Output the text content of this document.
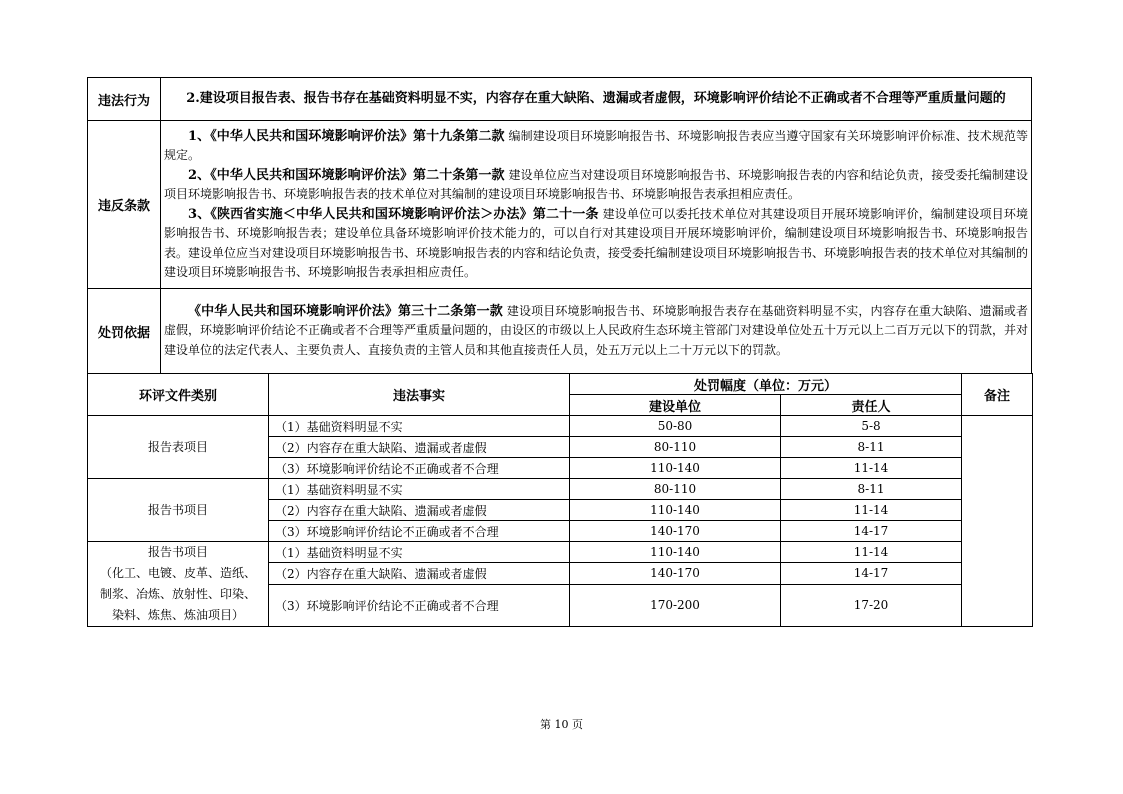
违法行为	2.建设项目报告表、报告书存在基础资料明显不实，内容存在重大缺陷、遗漏或者虚假，环境影响评价结论不正确或者不合理等严重质量问题的
违反条款	1、《中华人民共和国环境影响评价法》第十九条第二款 编制建设项目环境影响报告书、环境影响报告表应当遵守国家有关环境影响评价标准、技术规范等规定。

2、《中华人民共和国环境影响评价法》第二十条第一款 建设单位应当对建设项目环境影响报告书、环境影响报告表的内容和结论负责，接受委托编制建设项目环境影响报告书、环境影响报告表的技术单位对其编制的建设项目环境影响报告书、环境影响报告表承担相应责任。

3、《陕西省实施＜中华人民共和国环境影响评价法＞办法》第二十一条 建设单位可以委托技术单位对其建设项目开展环境影响评价，编制建设项目环境影响报告书、环境影响报告表；建设单位具备环境影响评价技术能力的，可以自行对其建设项目开展环境影响评价，编制建设项目环境影响报告书、环境影响报告表。建设单位应当对建设项目环境影响报告书、环境影响报告表的内容和结论负责，接受委托编制建设项目环境影响报告书、环境影响报告表的技术单位对其编制的建设项目环境影响报告书、环境影响报告表承担相应责任。

处罚依据	《中华人民共和国环境影响评价法》第三十二条第一款 建设项目环境影响报告书、环境影响报告表存在基础资料明显不实，内容存在重大缺陷、遗漏或者虚假，环境影响评价结论不正确或者不合理等严重质量问题的，由设区的市级以上人民政府生态环境主管部门对建设单位处五十万元以上二百万元以下的罚款，并对建设单位的法定代表人、主要负责人、直接负责的主管人员和其他直接责任人员，处五万元以上二十万元以下的罚款。

环评文件类别	违法事实	处罚幅度（单位：万元）		备注
		建设单位	责任人	

报告表项目	（1）基础资料明显不实	50-80	5-8	
	（2）内容存在重大缺陷、遗漏或者虚假	80-110	8-11	
	（3）环境影响评价结论不正确或者不合理	110-140	11-14	

报告书项目	（1）基础资料明显不实	80-110	8-11	
	（2）内容存在重大缺陷、遗漏或者虚假	110-140	11-14	
	（3）环境影响评价结论不正确或者不合理	140-170	14-17	

报告书项目
（化工、电镀、皮革、造纸、
制浆、冶炼、放射性、印染、
染料、炼焦、炼油项目）	（1）基础资料明显不实	110-140	11-14	
	（2）内容存在重大缺陷、遗漏或者虚假	140-170	14-17	
	（3）环境影响评价结论不正确或者不合理	170-200	17-20	
第 10 页
